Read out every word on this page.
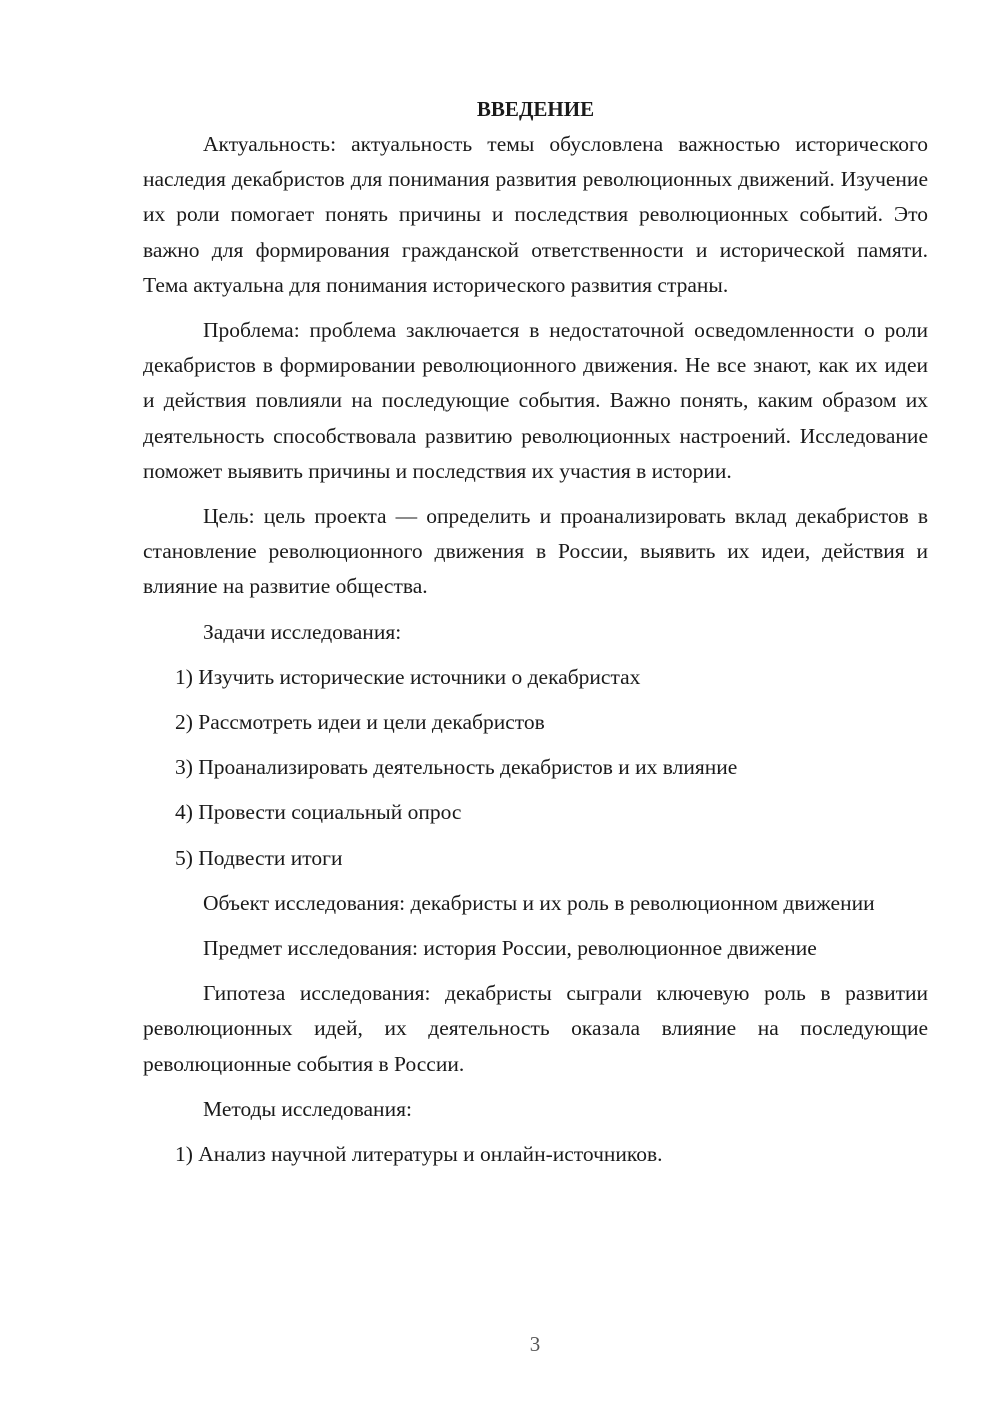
ВВЕДЕНИЕ

Актуальность: актуальность темы обусловлена важностью исторического наследия декабристов для понимания развития революционных движений. Изучение их роли помогает понять причины и последствия революционных событий. Это важно для формирования гражданской ответственности и исторической памяти. Тема актуальна для понимания исторического развития страны.

Проблема: проблема заключается в недостаточной осведомленности о роли декабристов в формировании революционного движения. Не все знают, как их идеи и действия повлияли на последующие события. Важно понять, каким образом их деятельность способствовала развитию революционных настроений. Исследование поможет выявить причины и последствия их участия в истории.

Цель: цель проекта — определить и проанализировать вклад декабристов в становление революционного движения в России, выявить их идеи, действия и влияние на развитие общества.

Задачи исследования:

1) Изучить исторические источники о декабристах

2) Рассмотреть идеи и цели декабристов

3) Проанализировать деятельность декабристов и их влияние

4) Провести социальный опрос

5) Подвести итоги

Объект исследования: декабристы и их роль в революционном движении

Предмет исследования: история России, революционное движение

Гипотеза исследования: декабристы сыграли ключевую роль в развитии революционных идей, их деятельность оказала влияние на последующие революционные события в России.

Методы исследования:

1) Анализ научной литературы и онлайн-источников.

3
